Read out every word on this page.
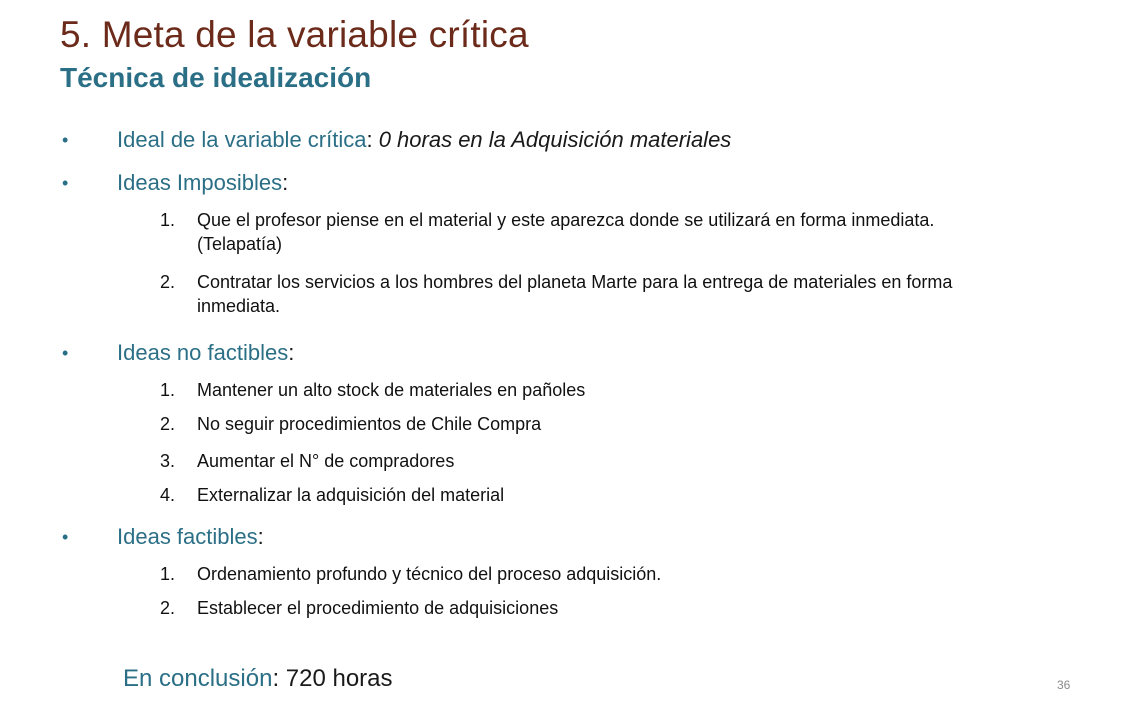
5. Meta de la variable crítica
Técnica de idealización
• Ideal de la variable crítica: 0 horas en la Adquisición materiales
• Ideas Imposibles:
1. Que el profesor piense en el material y este aparezca donde se utilizará en forma inmediata. (Telapatía)
2. Contratar los servicios a los hombres del planeta Marte para la entrega de materiales en forma inmediata.
• Ideas no factibles:
1. Mantener un alto stock de materiales en pañoles
2. No seguir procedimientos de Chile Compra
3. Aumentar el N° de compradores
4. Externalizar la adquisición del material
• Ideas factibles:
1. Ordenamiento profundo y técnico del proceso adquisición.
2. Establecer el procedimiento de adquisiciones
En conclusión: 720 horas	36
